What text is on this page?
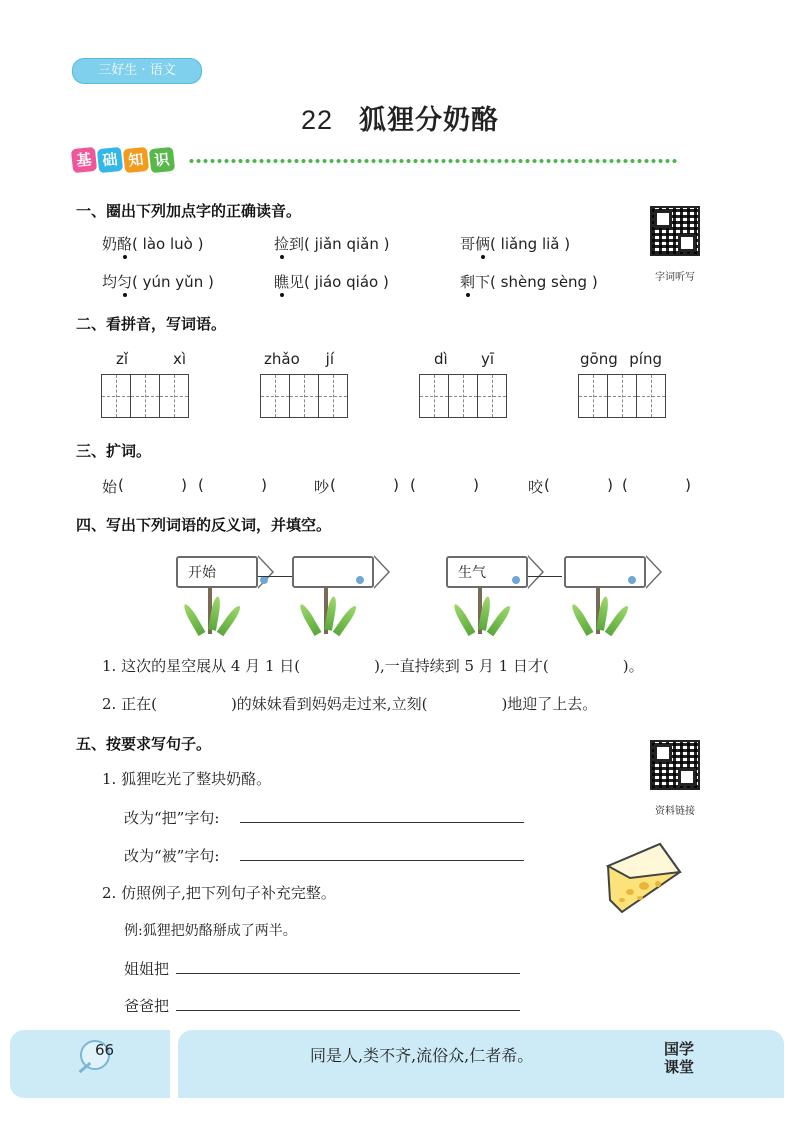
三好生 · 语文
22 狐狸分奶酪
基 础 知 识
一、圈出下列加点字的正确读音。
奶酪( lào luò )	捡到( jiǎn qiǎn )	哥俩( liǎng liǎ )
均匀( yún yǔn )	瞧见( jiáo qiáo )	剩下( shèng sèng )	字词听写
二、看拼音，写词语。
zǐ	xì	zhǎo jí	dì yī	gōng píng
三、扩词。
始 (            ) (            )	吵 (            ) (            )	咬 (            ) (            )
四、写出下列词语的反义词，并填空。
开始	生气
1. 这次的星空展从 4 月 1 日(	),一直持续到 5 月 1 日才(	)。
2. 正在(	)的妹妹看到妈妈走过来,立刻(	)地迎了上去。
五、按要求写句子。
资料链接
1. 狐狸吃光了整块奶酪。
改为“把”字句:
改为“被”字句:
2. 仿照例子,把下列句子补充完整。
例:狐狸把奶酪掰成了两半。
姐姐把
爸爸把
66	同是人,类不齐,流俗众,仁者希。	国学
课堂
